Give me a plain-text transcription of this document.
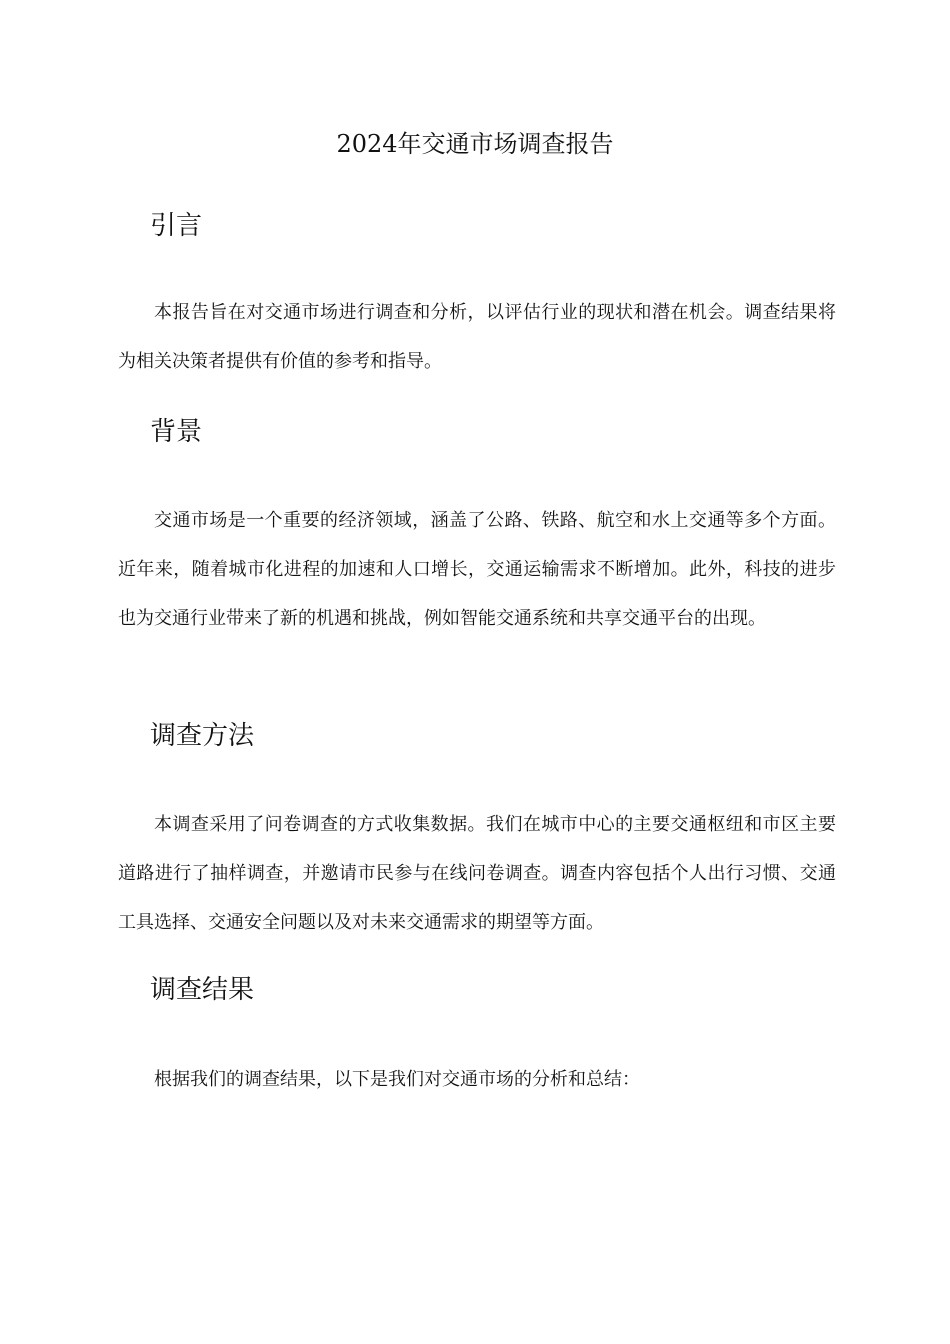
2024年交通市场调查报告
引言

本报告旨在对交通市场进行调查和分析，以评估行业的现状和潜在机会。调查结果将为相关决策者提供有价值的参考和指导。

背景

交通市场是一个重要的经济领域，涵盖了公路、铁路、航空和水上交通等多个方面。近年来，随着城市化进程的加速和人口增长，交通运输需求不断增加。此外，科技的进步也为交通行业带来了新的机遇和挑战，例如智能交通系统和共享交通平台的出现。

调查方法

本调查采用了问卷调查的方式收集数据。我们在城市中心的主要交通枢纽和市区主要道路进行了抽样调查，并邀请市民参与在线问卷调查。调查内容包括个人出行习惯、交通工具选择、交通安全问题以及对未来交通需求的期望等方面。

调查结果

根据我们的调查结果，以下是我们对交通市场的分析和总结：
